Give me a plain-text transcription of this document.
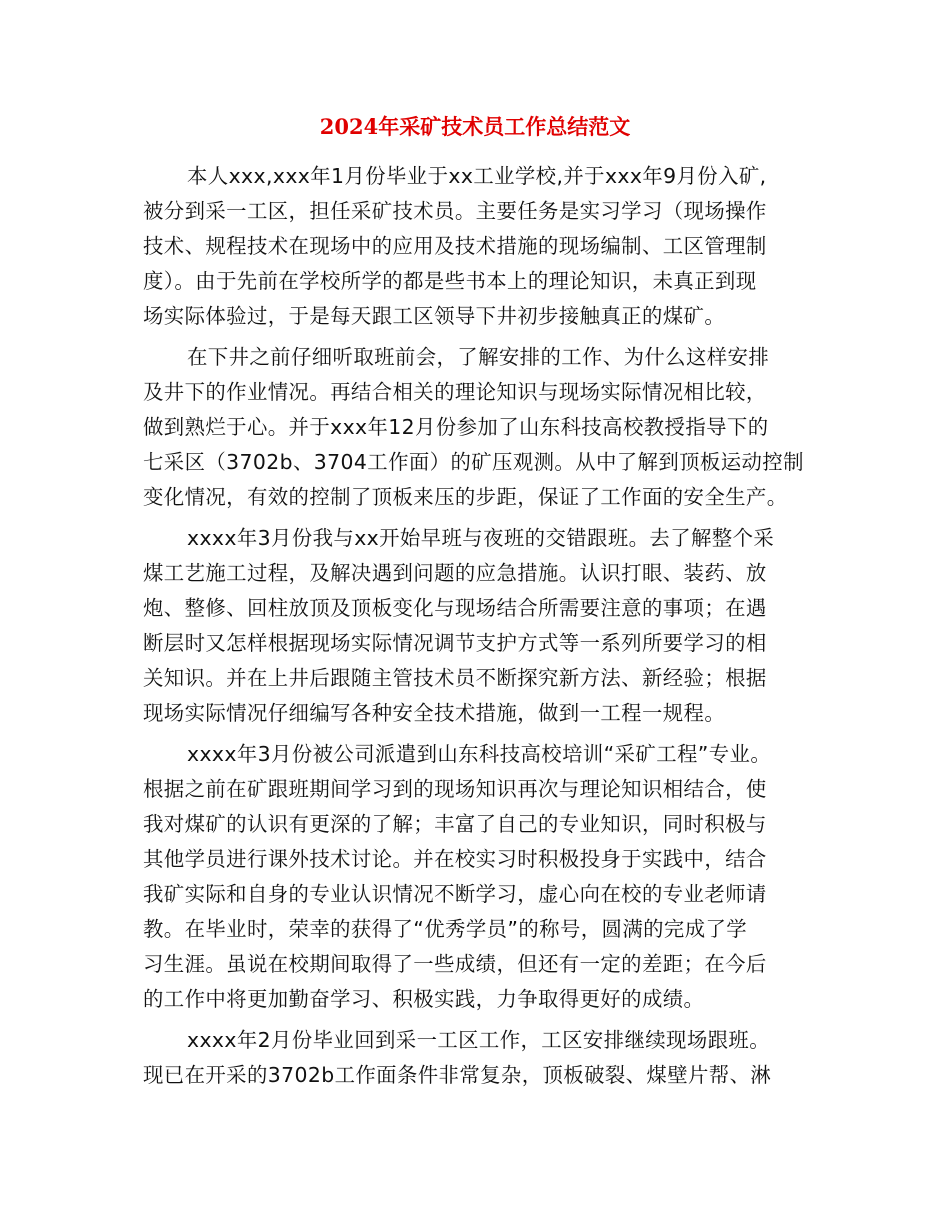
2024年采矿技术员工作总结范文

本人xxx,xxx年1月份毕业于xx工业学校,并于xxx年9月份入矿,

被分到采一工区，担任采矿技术员。主要任务是实习学习（现场操作

技术、规程技术在现场中的应用及技术措施的现场编制、工区管理制

度）。由于先前在学校所学的都是些书本上的理论知识，未真正到现

场实际体验过，于是每天跟工区领导下井初步接触真正的煤矿。

在下井之前仔细听取班前会，了解安排的工作、为什么这样安排

及井下的作业情况。再结合相关的理论知识与现场实际情况相比较，

做到熟烂于心。并于xxx年12月份参加了山东科技高校教授指导下的

七采区（3702b、3704工作面）的矿压观测。从中了解到顶板运动控制

变化情况，有效的控制了顶板来压的步距，保证了工作面的安全生产。

xxxx年3月份我与xx开始早班与夜班的交错跟班。去了解整个采

煤工艺施工过程，及解决遇到问题的应急措施。认识打眼、装药、放

炮、整修、回柱放顶及顶板变化与现场结合所需要注意的事项；在遇

断层时又怎样根据现场实际情况调节支护方式等一系列所要学习的相

关知识。并在上井后跟随主管技术员不断探究新方法、新经验；根据

现场实际情况仔细编写各种安全技术措施，做到一工程一规程。

xxxx年3月份被公司派遣到山东科技高校培训“采矿工程”专业。

根据之前在矿跟班期间学习到的现场知识再次与理论知识相结合，使

我对煤矿的认识有更深的了解；丰富了自己的专业知识，同时积极与

其他学员进行课外技术讨论。并在校实习时积极投身于实践中，结合

我矿实际和自身的专业认识情况不断学习，虚心向在校的专业老师请

教。在毕业时，荣幸的获得了“优秀学员”的称号，圆满的完成了学

习生涯。虽说在校期间取得了一些成绩，但还有一定的差距；在今后

的工作中将更加勤奋学习、积极实践，力争取得更好的成绩。

xxxx年2月份毕业回到采一工区工作，工区安排继续现场跟班。

现已在开采的3702b工作面条件非常复杂，顶板破裂、煤壁片帮、淋
